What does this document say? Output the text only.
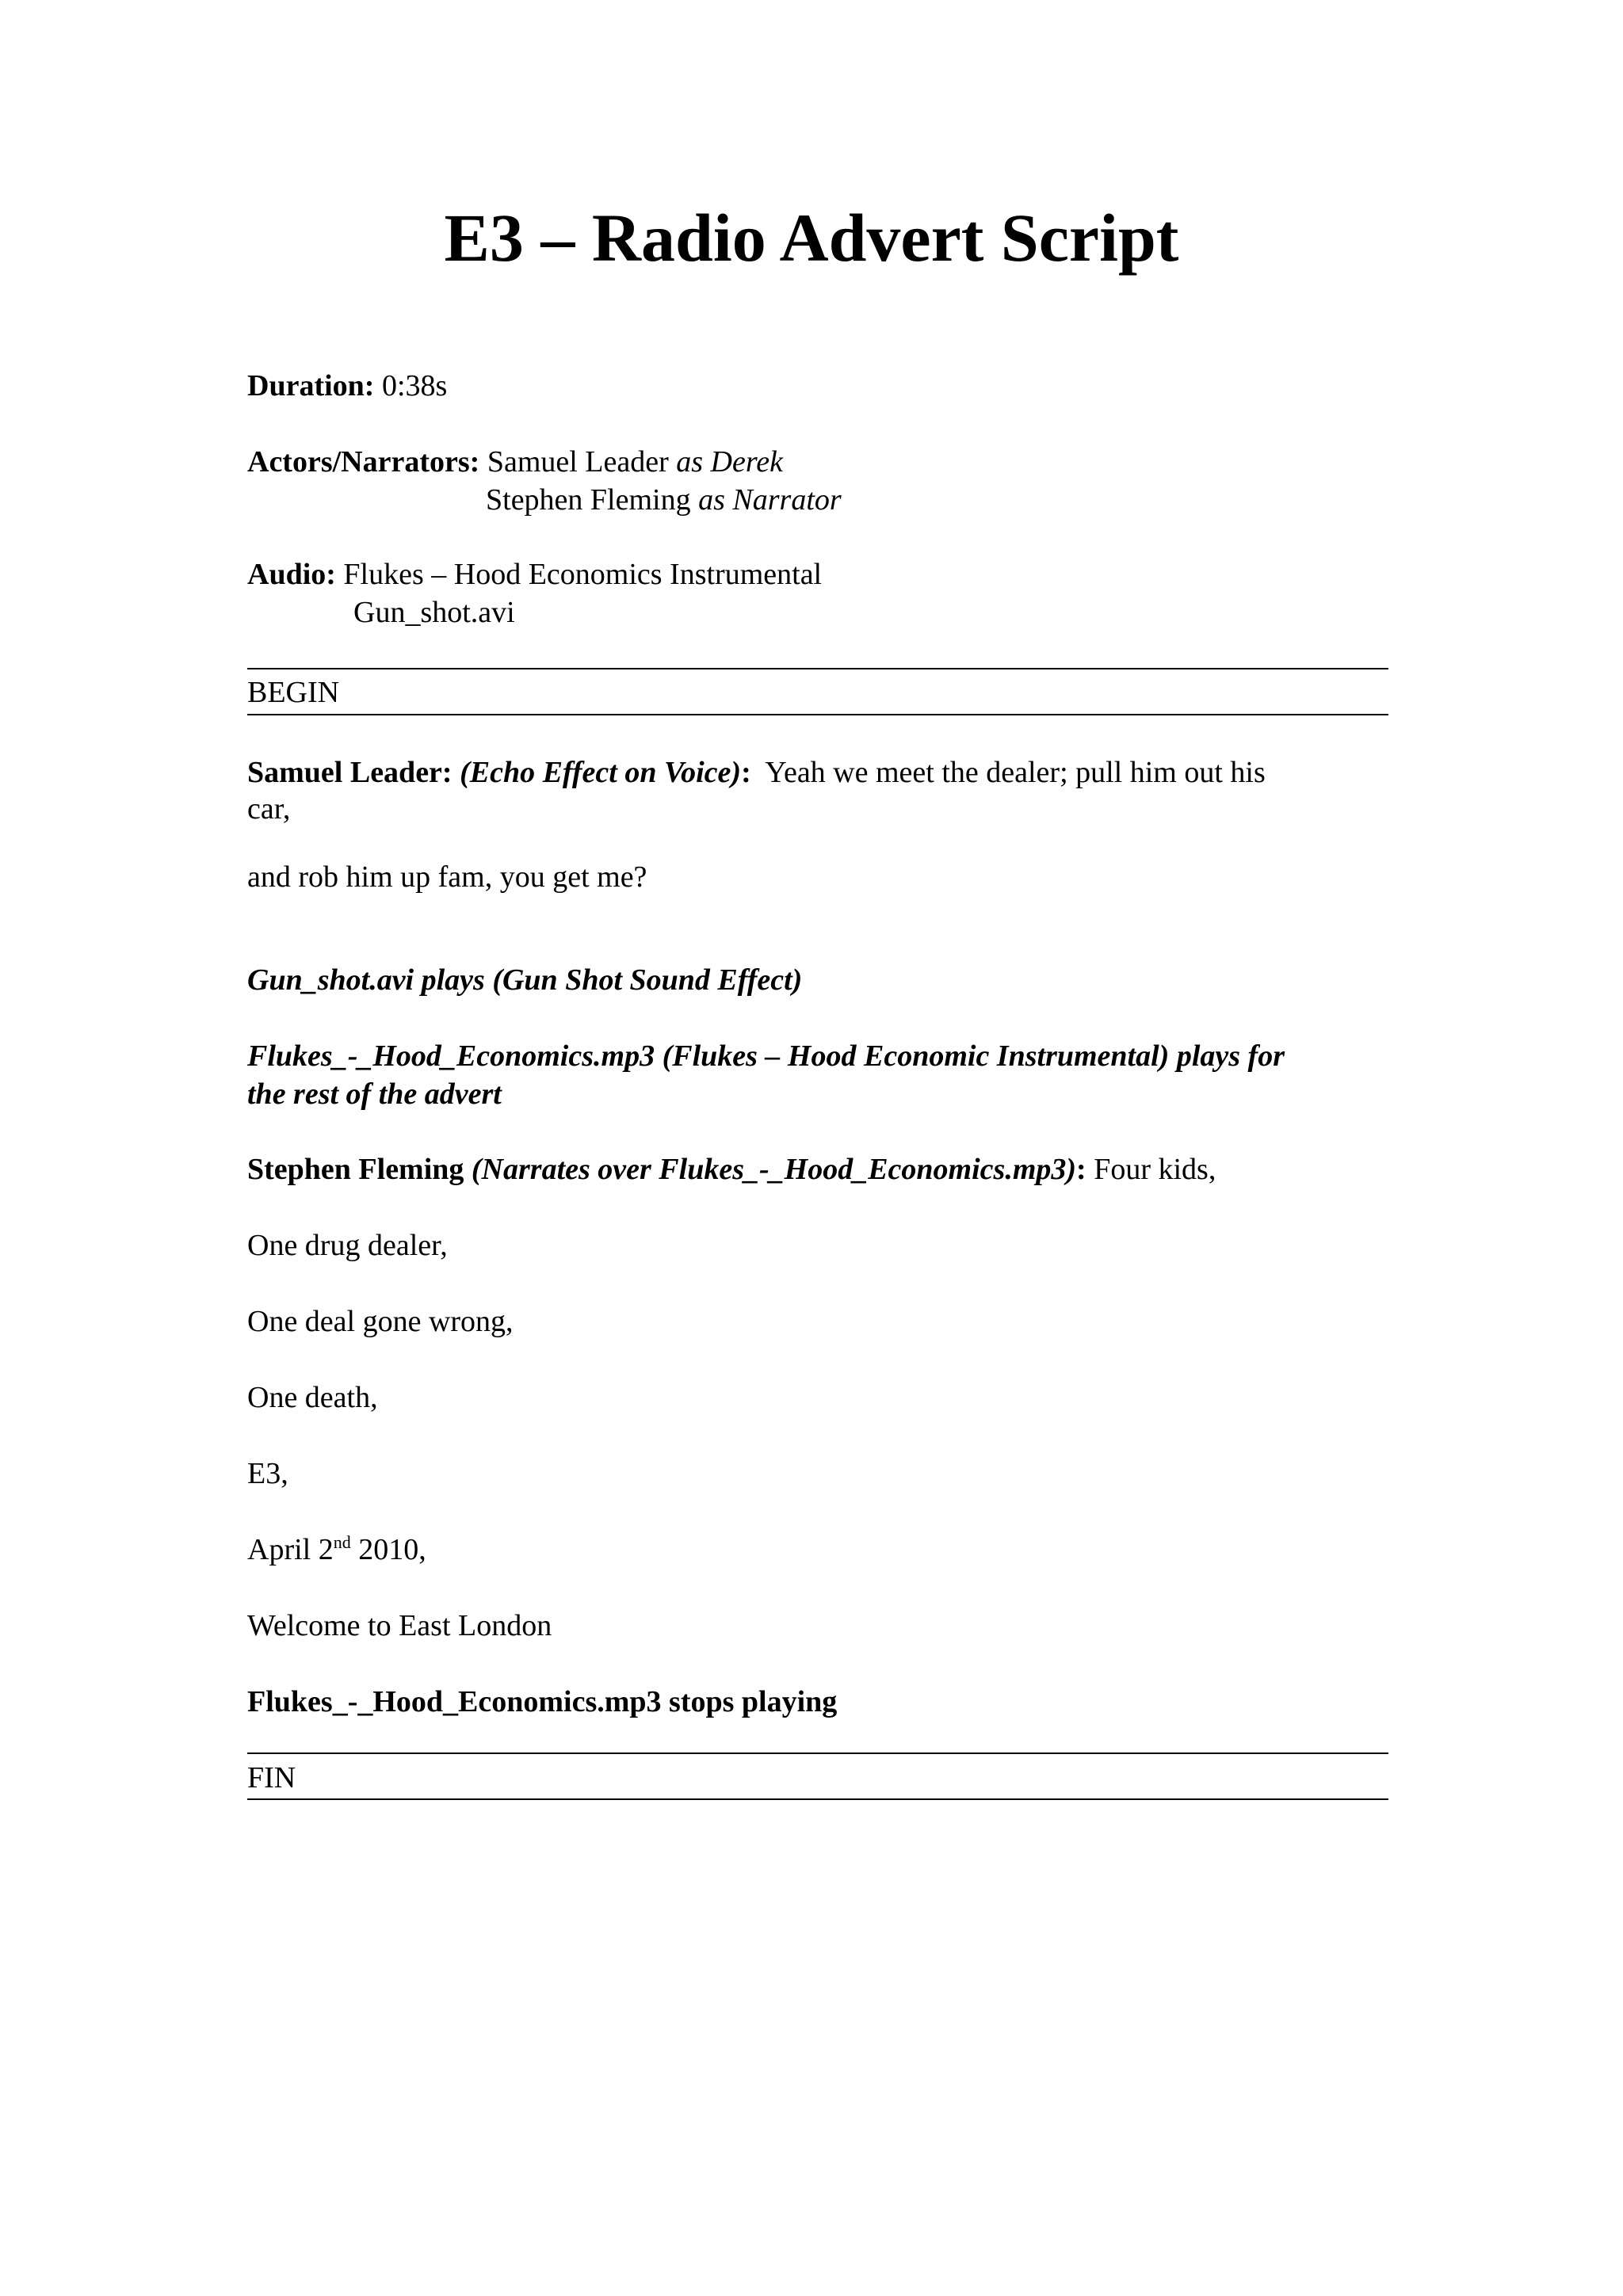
E3 – Radio Advert Script
Duration: 0:38s
Actors/Narrators: Samuel Leader as Derek
Stephen Fleming as Narrator
Audio: Flukes – Hood Economics Instrumental
Gun_shot.avi
BEGIN
Samuel Leader: (Echo Effect on Voice):  Yeah we meet the dealer; pull him out his
car,
and rob him up fam, you get me?
Gun_shot.avi plays (Gun Shot Sound Effect)
Flukes_-_Hood_Economics.mp3 (Flukes – Hood Economic Instrumental) plays for
the rest of the advert
Stephen Fleming (Narrates over Flukes_-_Hood_Economics.mp3): Four kids,
One drug dealer,
One deal gone wrong,
One death,
E3,
April 2nd 2010,
Welcome to East London
Flukes_-_Hood_Economics.mp3 stops playing
FIN
